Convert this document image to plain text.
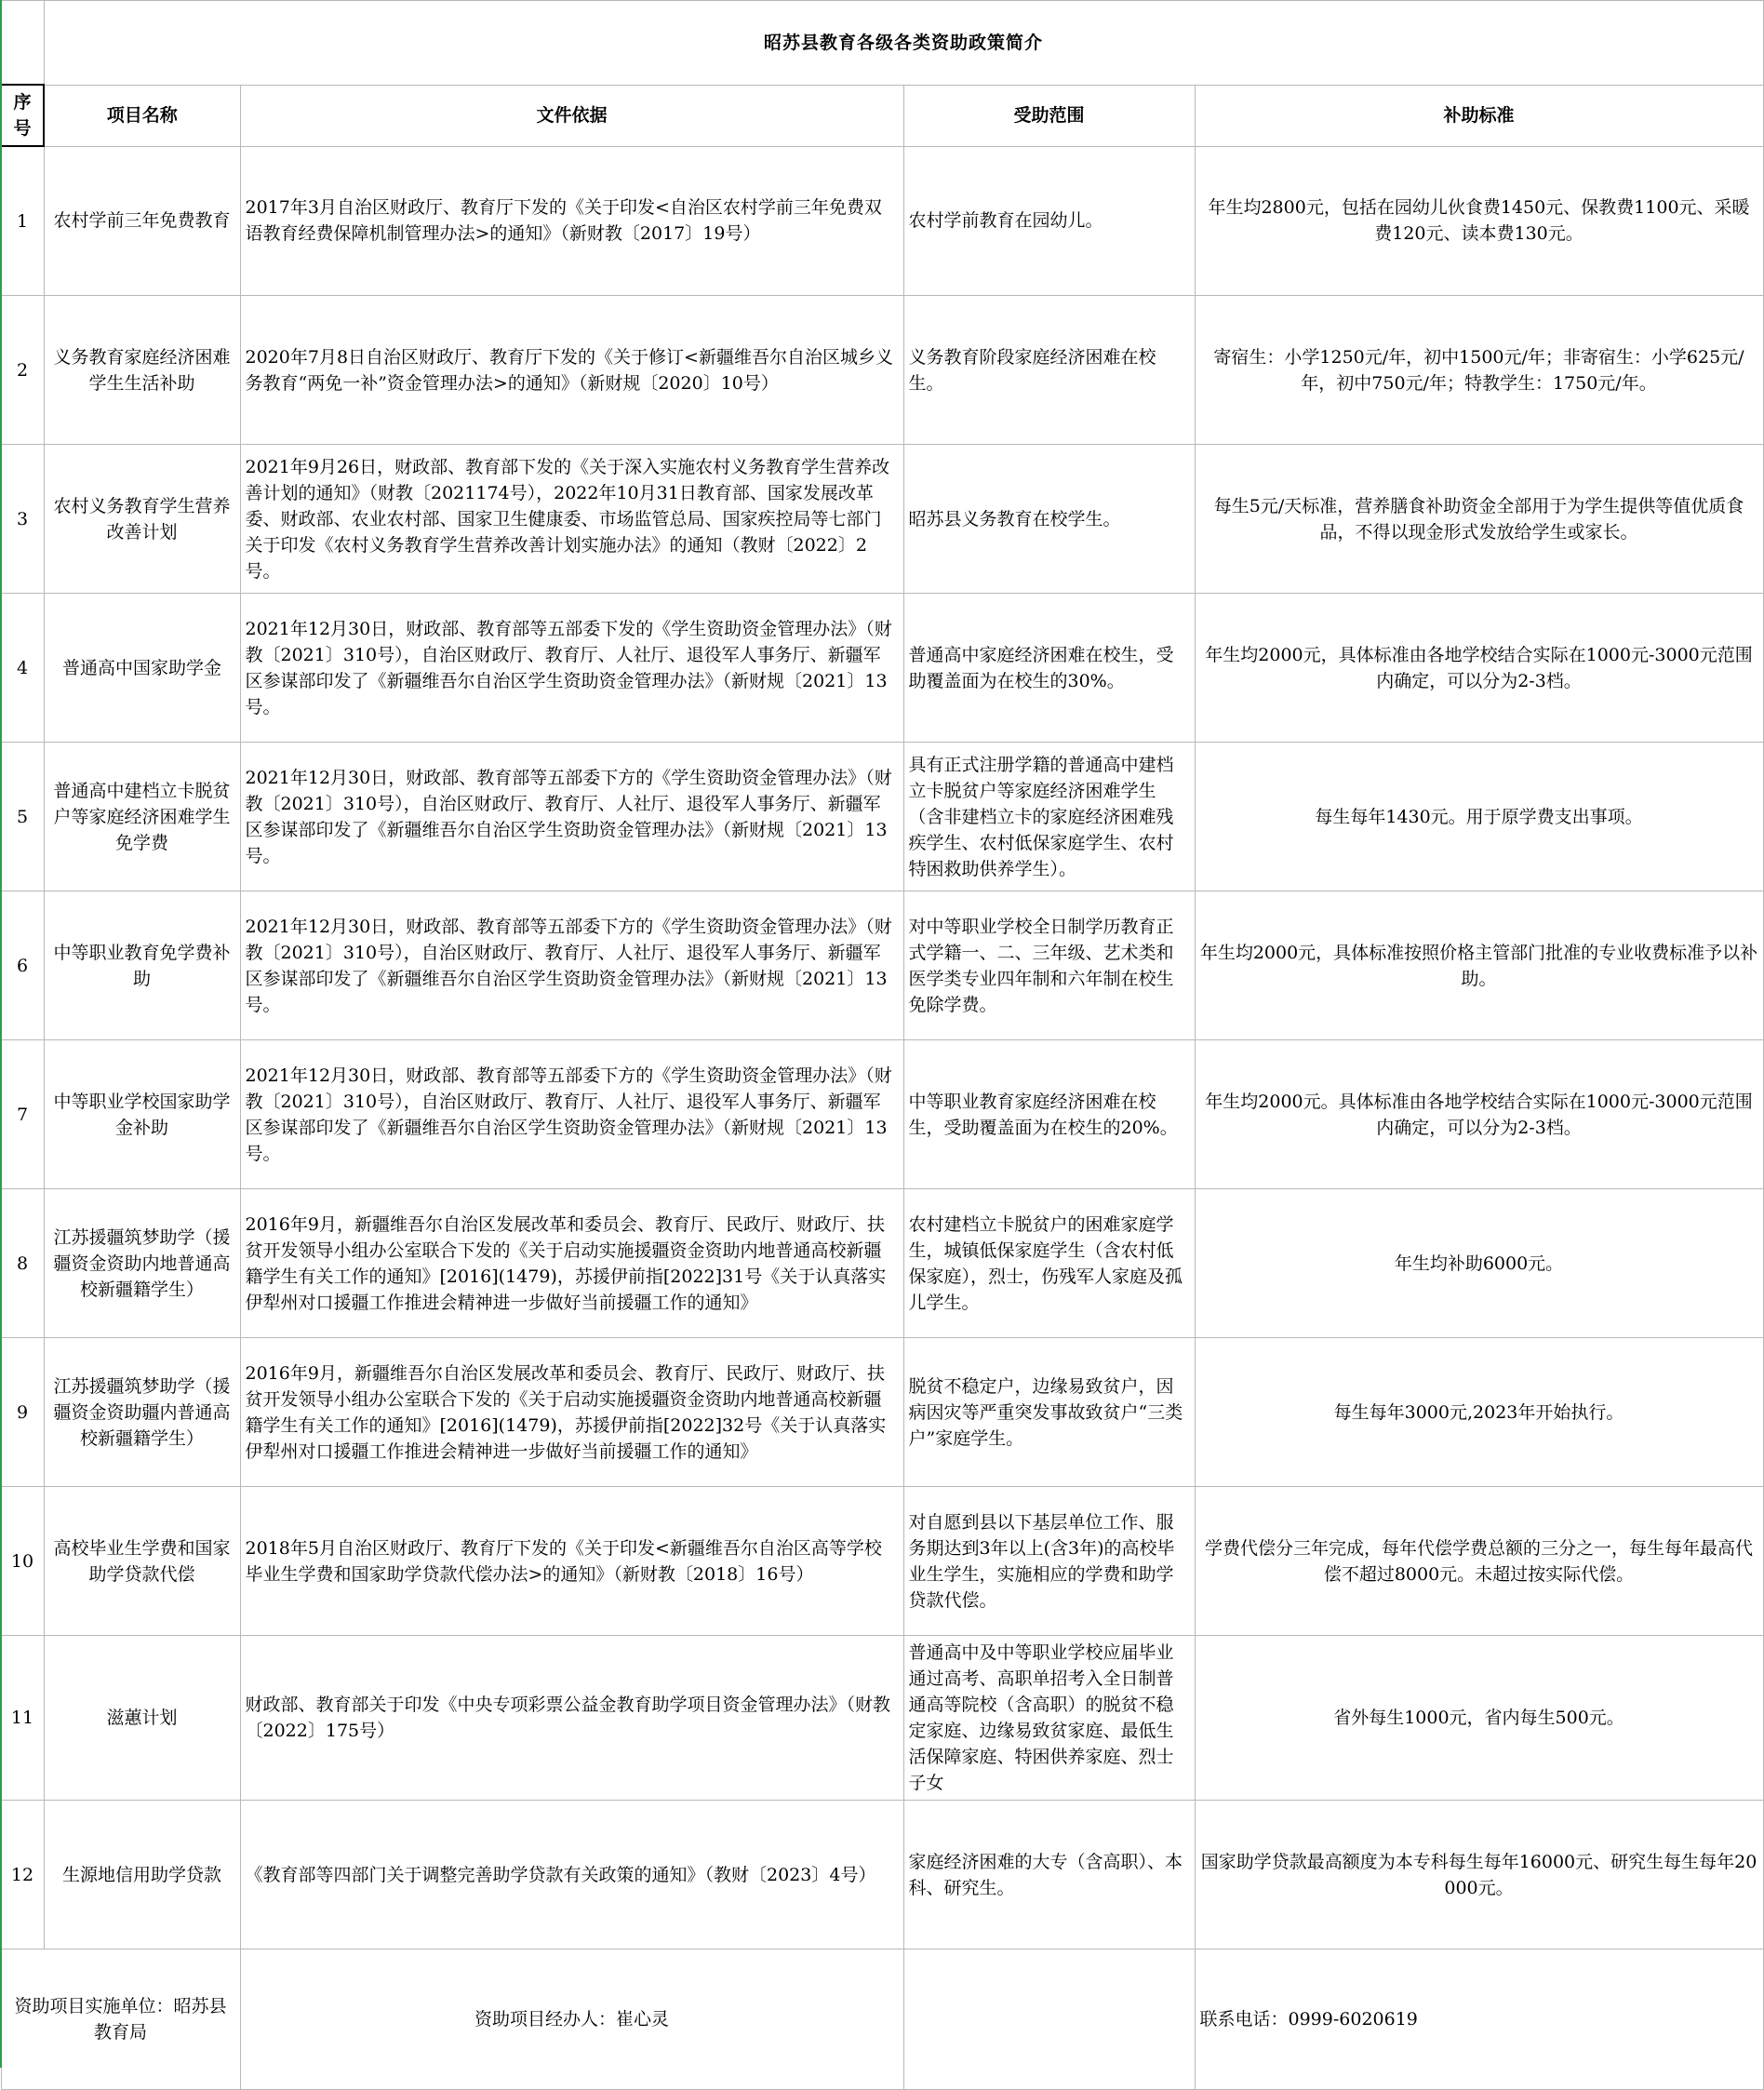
	昭苏县教育各级各类资助政策简介			
序号	项目名称	文件依据	受助范围	补助标准
1	农村学前三年免费教育	2017年3月自治区财政厅、教育厅下发的《关于印发<自治区农村学前三年免费双语教育经费保障机制管理办法>的通知》（新财教〔2017〕19号）	农村学前教育在园幼儿。	年生均2800元，包括在园幼儿伙食费1450元、保教费1100元、采暖费120元、读本费130元。
2	义务教育家庭经济困难学生生活补助	2020年7月8日自治区财政厅、教育厅下发的《关于修订<新疆维吾尔自治区城乡义务教育“两免一补”资金管理办法>的通知》（新财规〔2020〕10号）	义务教育阶段家庭经济困难在校生。	寄宿生：小学1250元/年，初中1500元/年；非寄宿生：小学625元/年，初中750元/年；特教学生：1750元/年。
3	农村义务教育学生营养改善计划	2021年9月26日，财政部、教育部下发的《关于深入实施农村义务教育学生营养改善计划的通知》（财教〔2021174号），2022年10月31日教育部、国家发展改革委、财政部、农业农村部、国家卫生健康委、市场监管总局、国家疾控局等七部门关于印发《农村义务教育学生营养改善计划实施办法》的通知（教财〔2022〕2号。	昭苏县义务教育在校学生。	每生5元/天标准，营养膳食补助资金全部用于为学生提供等值优质食品，不得以现金形式发放给学生或家长。
4	普通高中国家助学金	2021年12月30日，财政部、教育部等五部委下发的《学生资助资金管理办法》（财教〔2021〕310号），自治区财政厅、教育厅、人社厅、退役军人事务厅、新疆军区参谋部印发了《新疆维吾尔自治区学生资助资金管理办法》（新财规〔2021〕13号。	普通高中家庭经济困难在校生，受助覆盖面为在校生的30%。	年生均2000元，具体标准由各地学校结合实际在1000元-3000元范围内确定，可以分为2-3档。
5	普通高中建档立卡脱贫户等家庭经济困难学生免学费	2021年12月30日，财政部、教育部等五部委下方的《学生资助资金管理办法》（财教〔2021〕310号），自治区财政厅、教育厅、人社厅、退役军人事务厅、新疆军区参谋部印发了《新疆维吾尔自治区学生资助资金管理办法》（新财规〔2021〕13号。	具有正式注册学籍的普通高中建档立卡脱贫户等家庭经济困难学生（含非建档立卡的家庭经济困难残疾学生、农村低保家庭学生、农村特困救助供养学生）。	每生每年1430元。用于原学费支出事项。
6	中等职业教育免学费补助	2021年12月30日，财政部、教育部等五部委下方的《学生资助资金管理办法》（财教〔2021〕310号），自治区财政厅、教育厅、人社厅、退役军人事务厅、新疆军区参谋部印发了《新疆维吾尔自治区学生资助资金管理办法》（新财规〔2021〕13号。	对中等职业学校全日制学历教育正式学籍一、二、三年级、艺术类和医学类专业四年制和六年制在校生免除学费。	年生均2000元，具体标准按照价格主管部门批准的专业收费标准予以补助。
7	中等职业学校国家助学金补助	2021年12月30日，财政部、教育部等五部委下方的《学生资助资金管理办法》（财教〔2021〕310号），自治区财政厅、教育厅、人社厅、退役军人事务厅、新疆军区参谋部印发了《新疆维吾尔自治区学生资助资金管理办法》（新财规〔2021〕13号。	中等职业教育家庭经济困难在校生，受助覆盖面为在校生的20%。	年生均2000元。具体标准由各地学校结合实际在1000元-3000元范围内确定，可以分为2-3档。
8	江苏援疆筑梦助学（援疆资金资助内地普通高校新疆籍学生）	2016年9月，新疆维吾尔自治区发展改革和委员会、教育厅、民政厅、财政厅、扶贫开发领导小组办公室联合下发的《关于启动实施援疆资金资助内地普通高校新疆籍学生有关工作的通知》[2016](1479)，苏援伊前指[2022]31号《关于认真落实伊犁州对口援疆工作推进会精神进一步做好当前援疆工作的通知》	农村建档立卡脱贫户的困难家庭学生，城镇低保家庭学生（含农村低保家庭），烈士，伤残军人家庭及孤儿学生。	年生均补助6000元。
9	江苏援疆筑梦助学（援疆资金资助疆内普通高校新疆籍学生）	2016年9月，新疆维吾尔自治区发展改革和委员会、教育厅、民政厅、财政厅、扶贫开发领导小组办公室联合下发的《关于启动实施援疆资金资助内地普通高校新疆籍学生有关工作的通知》[2016](1479)，苏援伊前指[2022]32号《关于认真落实伊犁州对口援疆工作推进会精神进一步做好当前援疆工作的通知》	脱贫不稳定户，边缘易致贫户，因病因灾等严重突发事故致贫户“三类户”家庭学生。	每生每年3000元,2023年开始执行。
10	高校毕业生学费和国家助学贷款代偿	2018年5月自治区财政厅、教育厅下发的《关于印发<新疆维吾尔自治区高等学校毕业生学费和国家助学贷款代偿办法>的通知》（新财教〔2018〕16号）	对自愿到县以下基层单位工作、服务期达到3年以上(含3年)的高校毕业生学生，实施相应的学费和助学贷款代偿。	学费代偿分三年完成，每年代偿学费总额的三分之一，每生每年最高代偿不超过8000元。未超过按实际代偿。
11	滋蕙计划	财政部、教育部关于印发《中央专项彩票公益金教育助学项目资金管理办法》（财教〔2022〕175号）	普通高中及中等职业学校应届毕业通过高考、高职单招考入全日制普通高等院校（含高职）的脱贫不稳定家庭、边缘易致贫家庭、最低生活保障家庭、特困供养家庭、烈士子女	省外每生1000元，省内每生500元。
12	生源地信用助学贷款	《教育部等四部门关于调整完善助学贷款有关政策的通知》（教财〔2023〕4号）	家庭经济困难的大专（含高职）、本科、研究生。	国家助学贷款最高额度为本专科每生每年16000元、研究生每生每年20000元。
资助项目实施单位：昭苏县教育局		资助项目经办人：崔心灵		联系电话：0999-6020619
